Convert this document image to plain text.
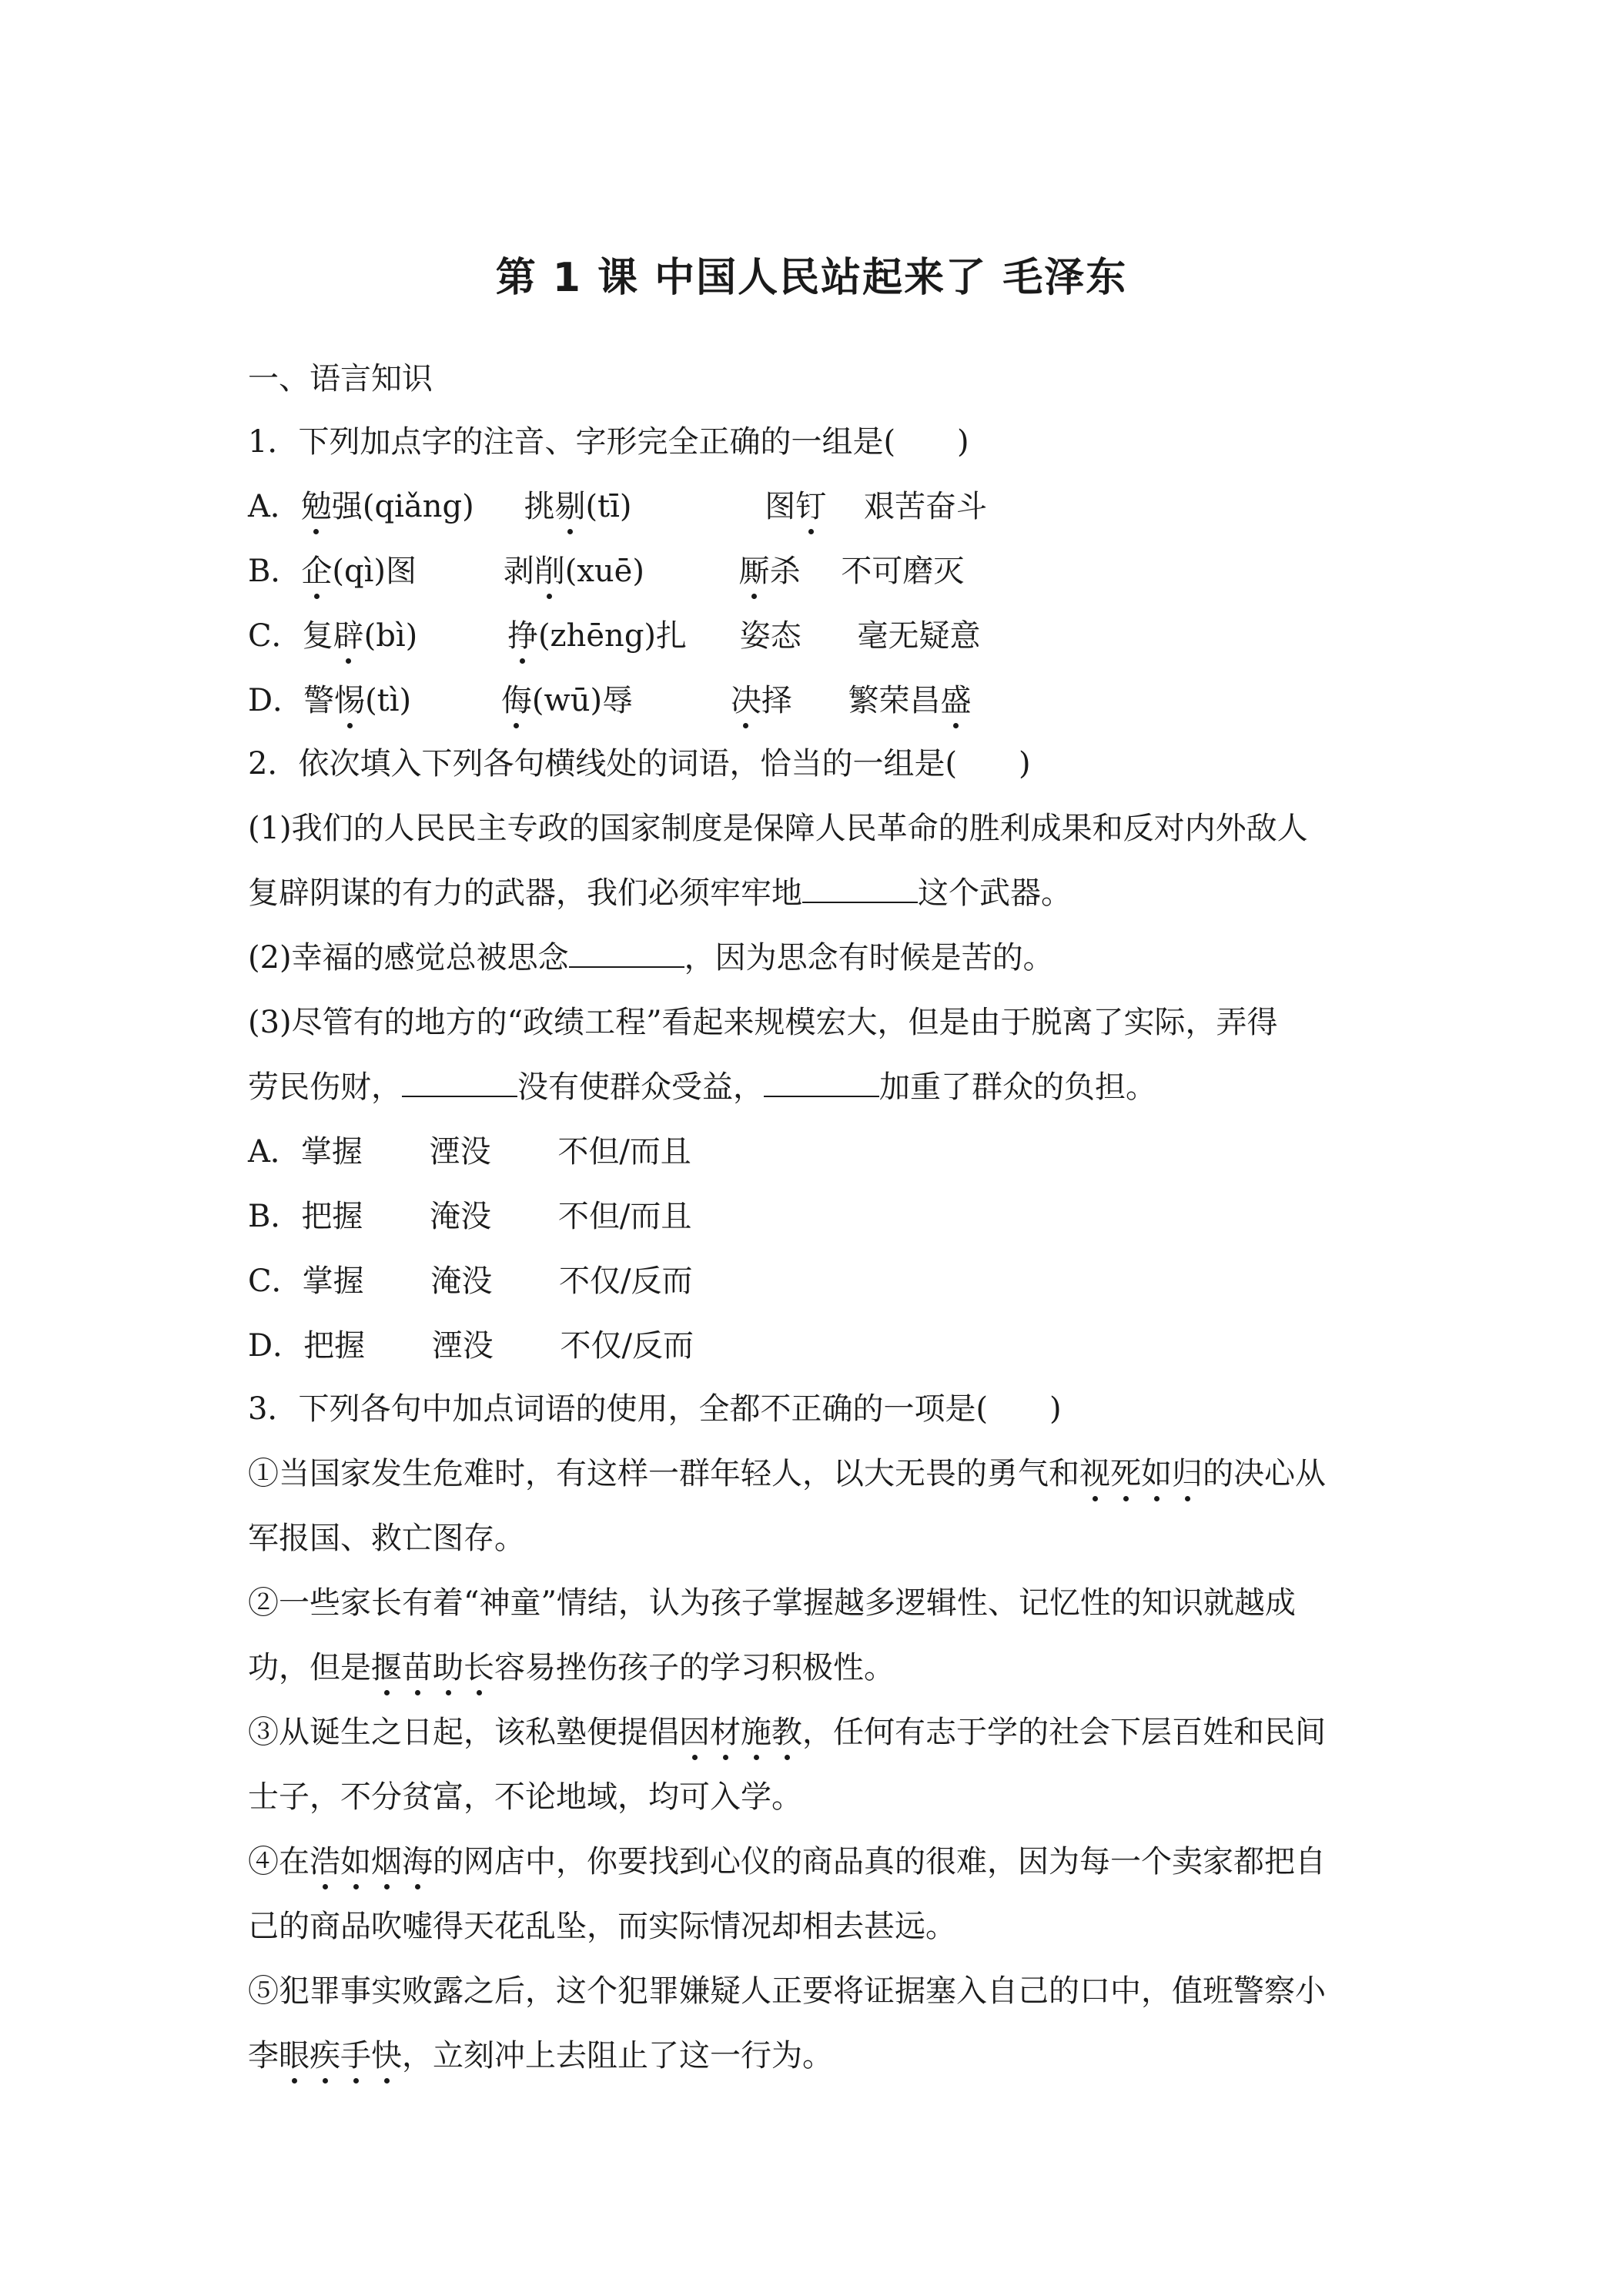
第 1 课 中国人民站起来了 毛泽东
一、语言知识
1．下列加点字的注音、字形完全正确的一组是(　　)
A．勉强(qiǎng) 挑剔(tī)	图钉 艰苦奋斗
B．企(qì)图	剥削(xuē)	厮杀 不可磨灭
C．复辟(bì)	挣(zhēng)扎 姿态 毫无疑意
D．警惕(tì)	侮(wū)辱	决择 繁荣昌盛
2．依次填入下列各句横线处的词语，恰当的一组是(　　)
(1)我们的人民民主专政的国家制度是保障人民革命的胜利成果和反对内外敌人
复辟阴谋的有力的武器，我们必须牢牢地	这个武器。
(2)幸福的感觉总被思念	，因为思念有时候是苦的。
(3)尽管有的地方的“政绩工程”看起来规模宏大，但是由于脱离了实际，弄得
劳民伤财，	没有使群众受益，	加重了群众的负担。
A．掌握 湮没 不但/而且
B．把握 淹没 不但/而且
C．掌握 淹没 不仅/反而
D．把握 湮没 不仅/反而
3．下列各句中加点词语的使用，全都不正确的一项是(　　)
①当国家发生危难时，有这样一群年轻人，以大无畏的勇气和视死如归的决心从
军报国、救亡图存。
②一些家长有着“神童”情结，认为孩子掌握越多逻辑性、记忆性的知识就越成
功，但是揠苗助长容易挫伤孩子的学习积极性。
③从诞生之日起，该私塾便提倡因材施教，任何有志于学的社会下层百姓和民间
士子，不分贫富，不论地域，均可入学。
④在浩如烟海的网店中，你要找到心仪的商品真的很难，因为每一个卖家都把自
己的商品吹嘘得天花乱坠，而实际情况却相去甚远。
⑤犯罪事实败露之后，这个犯罪嫌疑人正要将证据塞入自己的口中，值班警察小
李眼疾手快，立刻冲上去阻止了这一行为。
